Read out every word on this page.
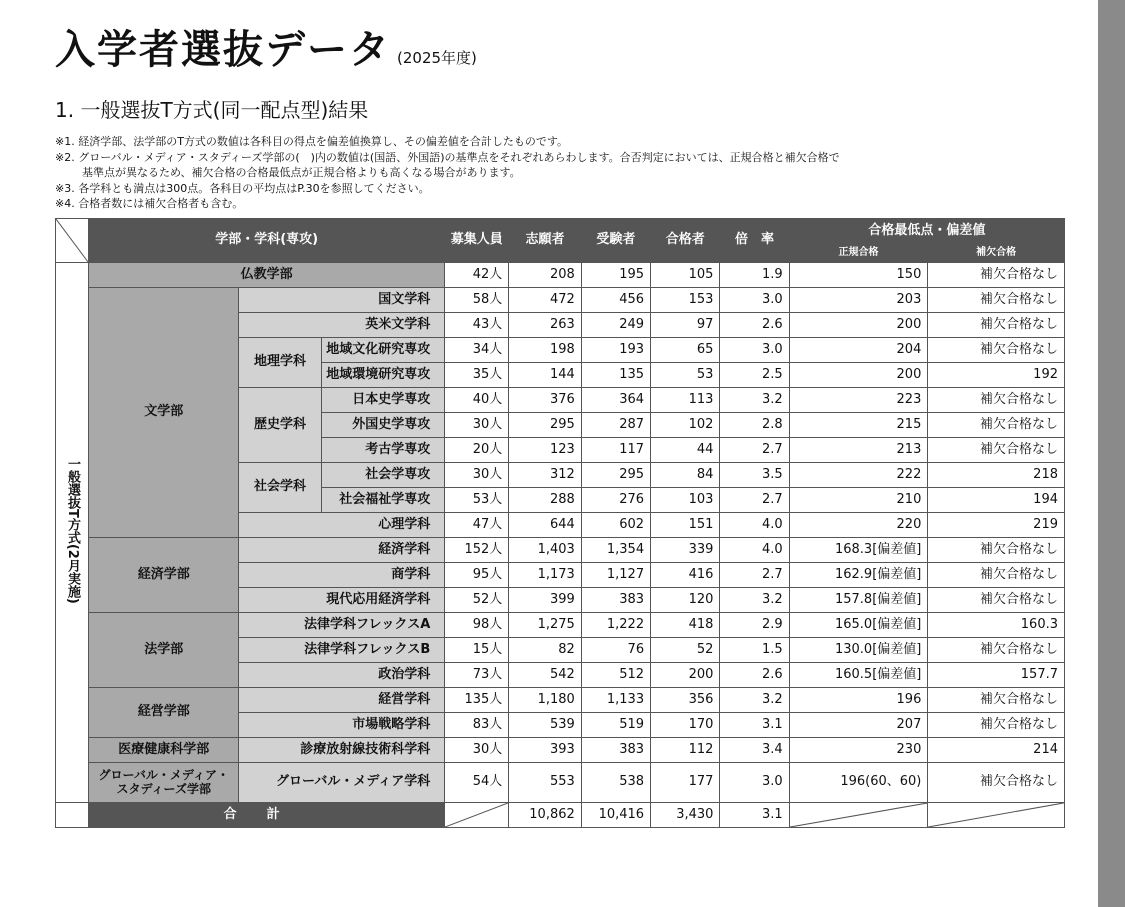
入学者選抜データ (2025年度)
1. 一般選抜T方式(同一配点型)結果
※1. 経済学部、法学部のT方式の数値は各科目の得点を偏差値換算し、その偏差値を合計したものです。
※2. グローバル・メディア・スタディーズ学部の(　)内の数値は(国語、外国語)の基準点をそれぞれあらわします。合否判定においては、正規合格と補欠合格で
基準点が異なるため、補欠合格の合格最低点が正規合格よりも高くなる場合があります。
※3. 各学科とも満点は300点。各科目の平均点はP.30を参照してください。
※4. 合格者数には補欠合格者も含む。
	学部・学科(専攻)			募集人員	志願者	受験者	合格者	倍　率	合格最低点・偏差値	
									正規合格	補欠合格
一般選抜T方式(2月実施)	仏教学部			42人	208	195	105	1.9	150	補欠合格なし
	文学部	国文学科		58人	472	456	153	3.0	203	補欠合格なし
		英米文学科		43人	263	249	97	2.6	200	補欠合格なし
		地理学科	地域文化研究専攻	34人	198	193	65	3.0	204	補欠合格なし
			地域環境研究専攻	35人	144	135	53	2.5	200	192
		歴史学科	日本史学専攻	40人	376	364	113	3.2	223	補欠合格なし
			外国史学専攻	30人	295	287	102	2.8	215	補欠合格なし
			考古学専攻	20人	123	117	44	2.7	213	補欠合格なし
		社会学科	社会学専攻	30人	312	295	84	3.5	222	218
			社会福祉学専攻	53人	288	276	103	2.7	210	194
		心理学科		47人	644	602	151	4.0	220	219
	経済学部	経済学科		152人	1,403	1,354	339	4.0	168.3[偏差値]	補欠合格なし
		商学科		95人	1,173	1,127	416	2.7	162.9[偏差値]	補欠合格なし
		現代応用経済学科		52人	399	383	120	3.2	157.8[偏差値]	補欠合格なし
	法学部	法律学科フレックスA		98人	1,275	1,222	418	2.9	165.0[偏差値]	160.3
		法律学科フレックスB		15人	82	76	52	1.5	130.0[偏差値]	補欠合格なし
		政治学科		73人	542	512	200	2.6	160.5[偏差値]	157.7
	経営学部	経営学科		135人	1,180	1,133	356	3.2	196	補欠合格なし
		市場戦略学科		83人	539	519	170	3.1	207	補欠合格なし
	医療健康科学部	診療放射線技術科学科		30人	393	383	112	3.4	230	214

	グローバル・メディア・
スタディーズ学部	グローバル・メディア学科		54人	553	538	177	3.0	196(60、60)	補欠合格なし
	合計				10,862	10,416	3,430	3.1	
